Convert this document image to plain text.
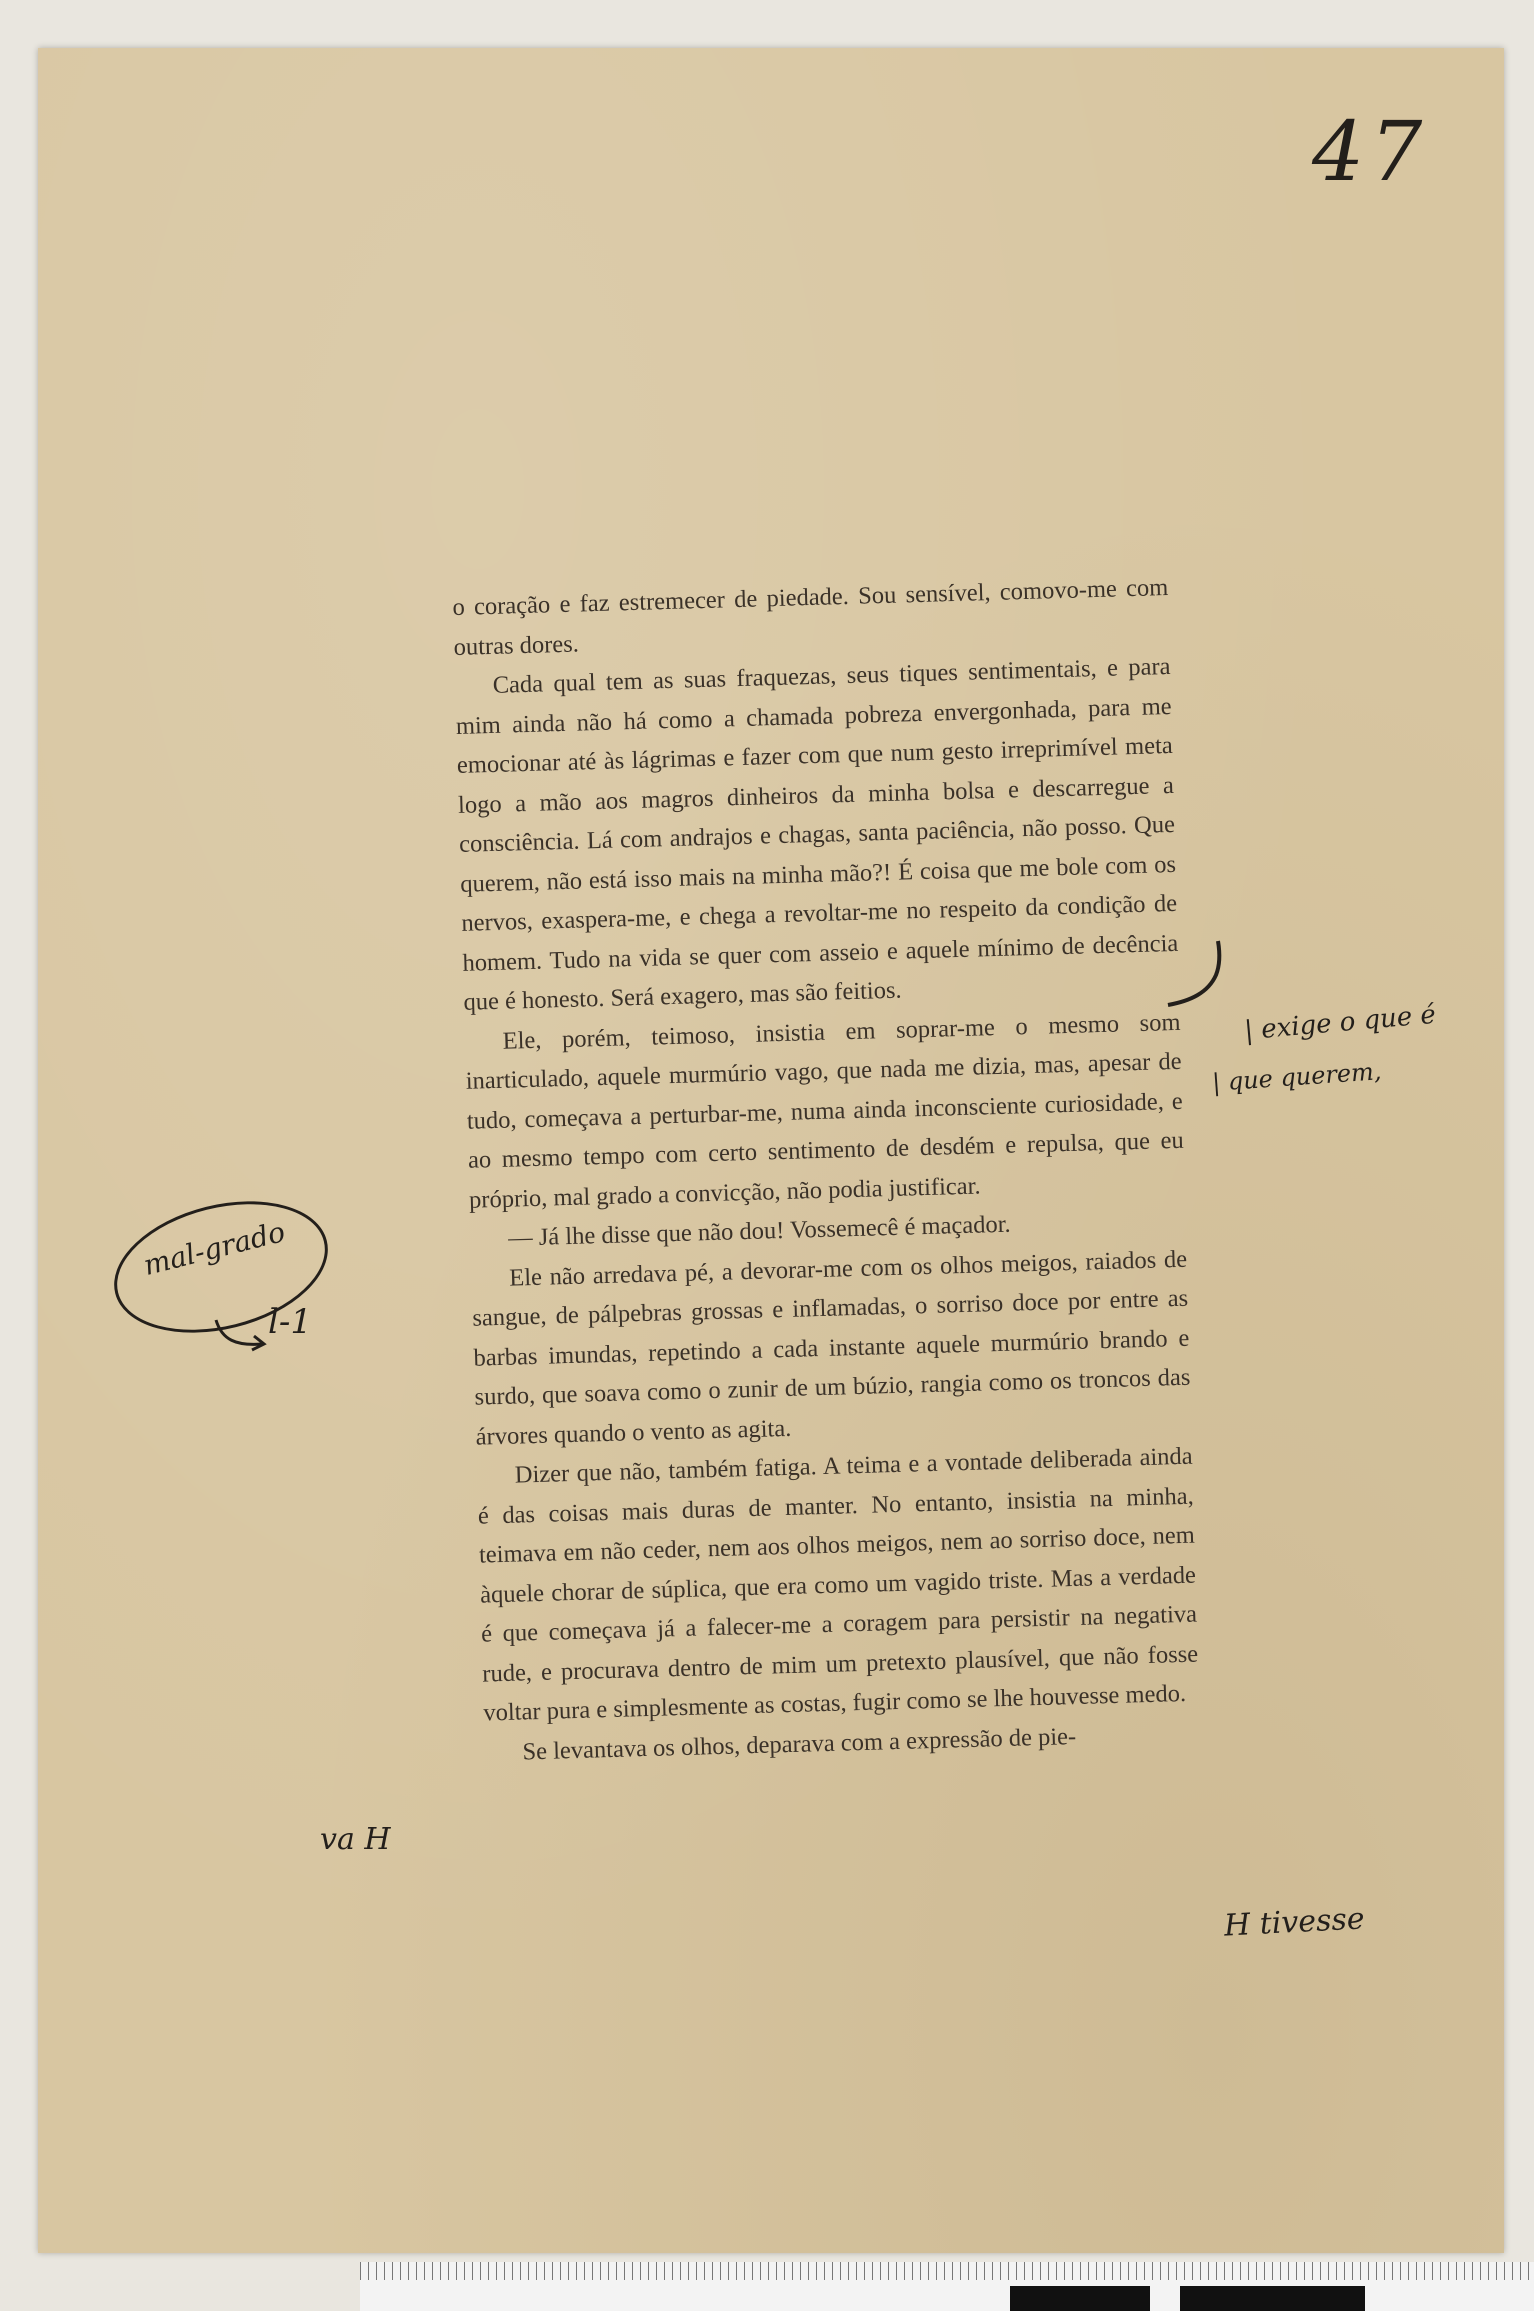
47

o coração e faz estremecer de piedade. Sou sensível, comovo-me com outras dores.

Cada qual tem as suas fraquezas, seus tiques sentimentais, e para mim ainda não há como a chamada pobreza envergonhada, para me emocionar até às lágrimas e fazer com que num gesto irreprimível meta logo a mão aos magros dinheiros da minha bolsa e descarregue a consciência. Lá com andrajos e chagas, santa paciência, não posso. Que querem, não está isso mais na minha mão?! É coisa que me bole com os nervos, exaspera-me, e chega a revoltar-me no respeito da condição de homem. Tudo na vida se quer com asseio e aquele mínimo de decência que é honesto. Será exagero, mas são feitios.

Ele, porém, teimoso, insistia em soprar-me o mesmo som inarticulado, aquele murmúrio vago, que nada me dizia, mas, apesar de tudo, começava a perturbar-me, numa ainda inconsciente curiosidade, e ao mesmo tempo com certo sentimento de desdém e repulsa, que eu próprio, mal grado a convicção, não podia justificar.

— Já lhe disse que não dou! Vossemecê é maçador.

Ele não arredava pé, a devorar-me com os olhos meigos, raiados de sangue, de pálpebras grossas e inflamadas, o sorriso doce por entre as barbas imundas, repetindo a cada instante aquele murmúrio brando e surdo, que soava como o zunir de um búzio, rangia como os troncos das árvores quando o vento as agita.

Dizer que não, também fatiga. A teima e a vontade deliberada ainda é das coisas mais duras de manter. No entanto, insistia na minha, teimava em não ceder, nem aos olhos meigos, nem ao sorriso doce, nem àquele chorar de súplica, que era como um vagido triste. Mas a verdade é que começava já a falecer-me a coragem para persistir na negativa rude, e procurava dentro de mim um pretexto plausível, que não fosse voltar pura e simplesmente as costas, fugir como se lhe houvesse medo.

Se levantava os olhos, deparava com a expressão de pie-

mal-grado
l-1
| exige o que é
| que querem,
va H
H tivesse
